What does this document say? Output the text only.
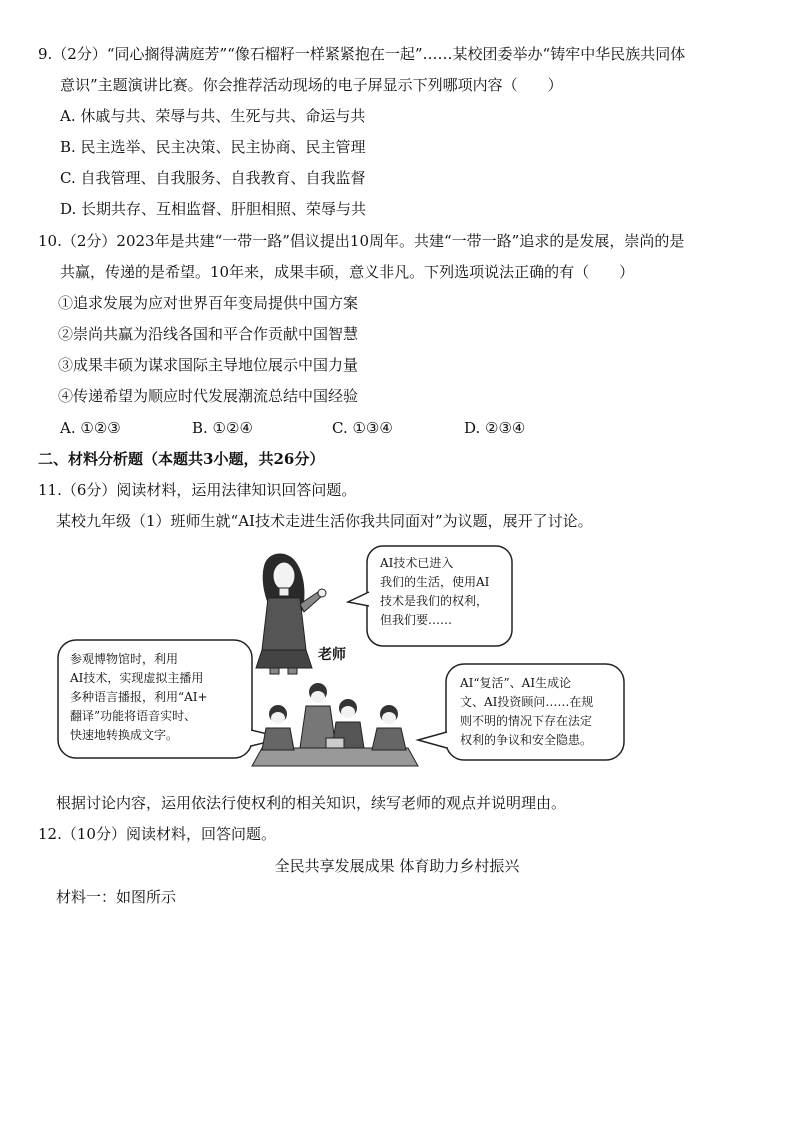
9.（2分）“同心搁得满庭芳”“像石榴籽一样紧紧抱在一起”……某校团委举办“铸牢中华民族共同体
意识”主题演讲比赛。你会推荐活动现场的电子屏显示下列哪项内容（　　）
A. 休戚与共、荣辱与共、生死与共、命运与共
B. 民主选举、民主决策、民主协商、民主管理
C. 自我管理、自我服务、自我教育、自我监督
D. 长期共存、互相监督、肝胆相照、荣辱与共
10.（2分）2023年是共建“一带一路”倡议提出10周年。共建“一带一路”追求的是发展，崇尚的是
共赢，传递的是希望。10年来，成果丰硕，意义非凡。下列选项说法正确的有（　　）
①追求发展为应对世界百年变局提供中国方案
②崇尚共赢为沿线各国和平合作贡献中国智慧
③成果丰硕为谋求国际主导地位展示中国力量
④传递希望为顺应时代发展潮流总结中国经验
A. ①②③	B. ①②④	C. ①③④	D. ②③④
二、材料分析题（本题共3小题，共26分）
11.（6分）阅读材料，运用法律知识回答问题。
某校九年级（1）班师生就“AI技术走进生活你我共同面对”为议题，展开了讨论。
AI技术已进入
我们的生活，使用AI
技术是我们的权利，
但我们要……
老师
参观博物馆时，利用
AI技术，实现虚拟主播用
多种语言播报，利用“AI+
翻译”功能将语音实时、
快速地转换成文字。
AI“复活”、AI生成论
文、AI投资顾问……在规
则不明的情况下存在法定
权利的争议和安全隐患。
根据讨论内容，运用依法行使权利的相关知识，续写老师的观点并说明理由。
12.（10分）阅读材料，回答问题。
全民共享发展成果 体育助力乡村振兴
材料一：如图所示
